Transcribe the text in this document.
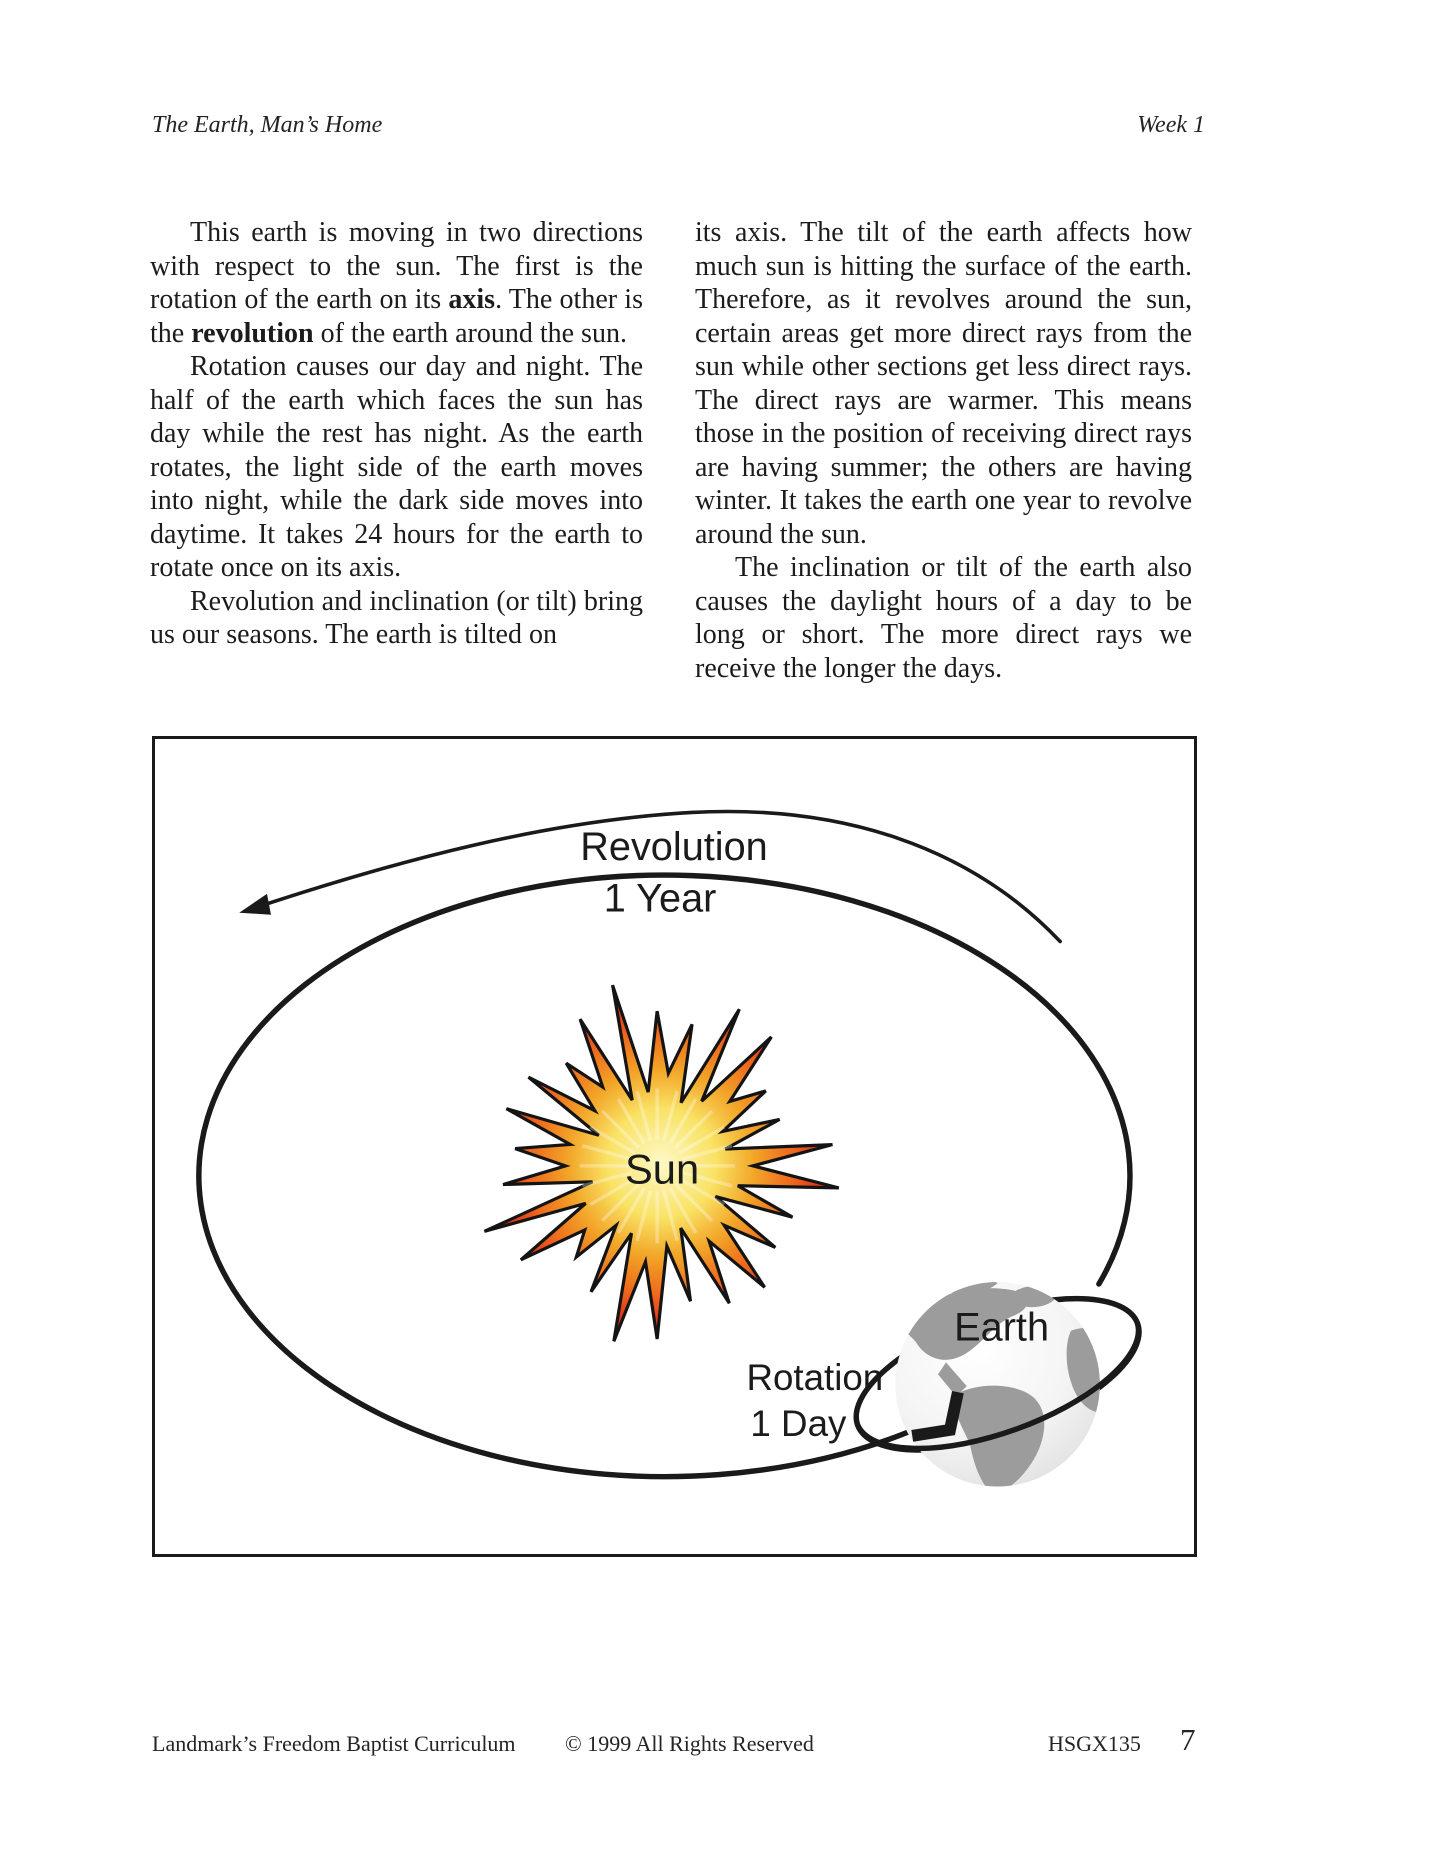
The Earth, Man’s Home	Week 1

This earth is moving in two directions with respect to the sun. The first is the rotation of the earth on its axis. The other is the revolution of the earth around the sun.

Rotation causes our day and night. The half of the earth which faces the sun has day while the rest has night. As the earth rotates, the light side of the earth moves into night, while the dark side moves into daytime. It takes 24 hours for the earth to rotate once on its axis.

Revolution and inclination (or tilt) bring us our seasons. The earth is tilted on

its axis. The tilt of the earth affects how much sun is hitting the surface of the earth. Therefore, as it revolves around the sun, certain areas get more direct rays from the sun while other sections get less direct rays. The direct rays are warmer. This means those in the position of receiving direct rays are having summer; the others are having winter. It takes the earth one year to revolve around the sun.

The inclination or tilt of the earth also causes the daylight hours of a day to be long or short. The more direct rays we receive the longer the days.

Revolution
1 Year
Sun
Earth
Rotation
1 Day
Landmark’s Freedom Baptist Curriculum © 1999 All Rights Reserved	HSGX135 7
